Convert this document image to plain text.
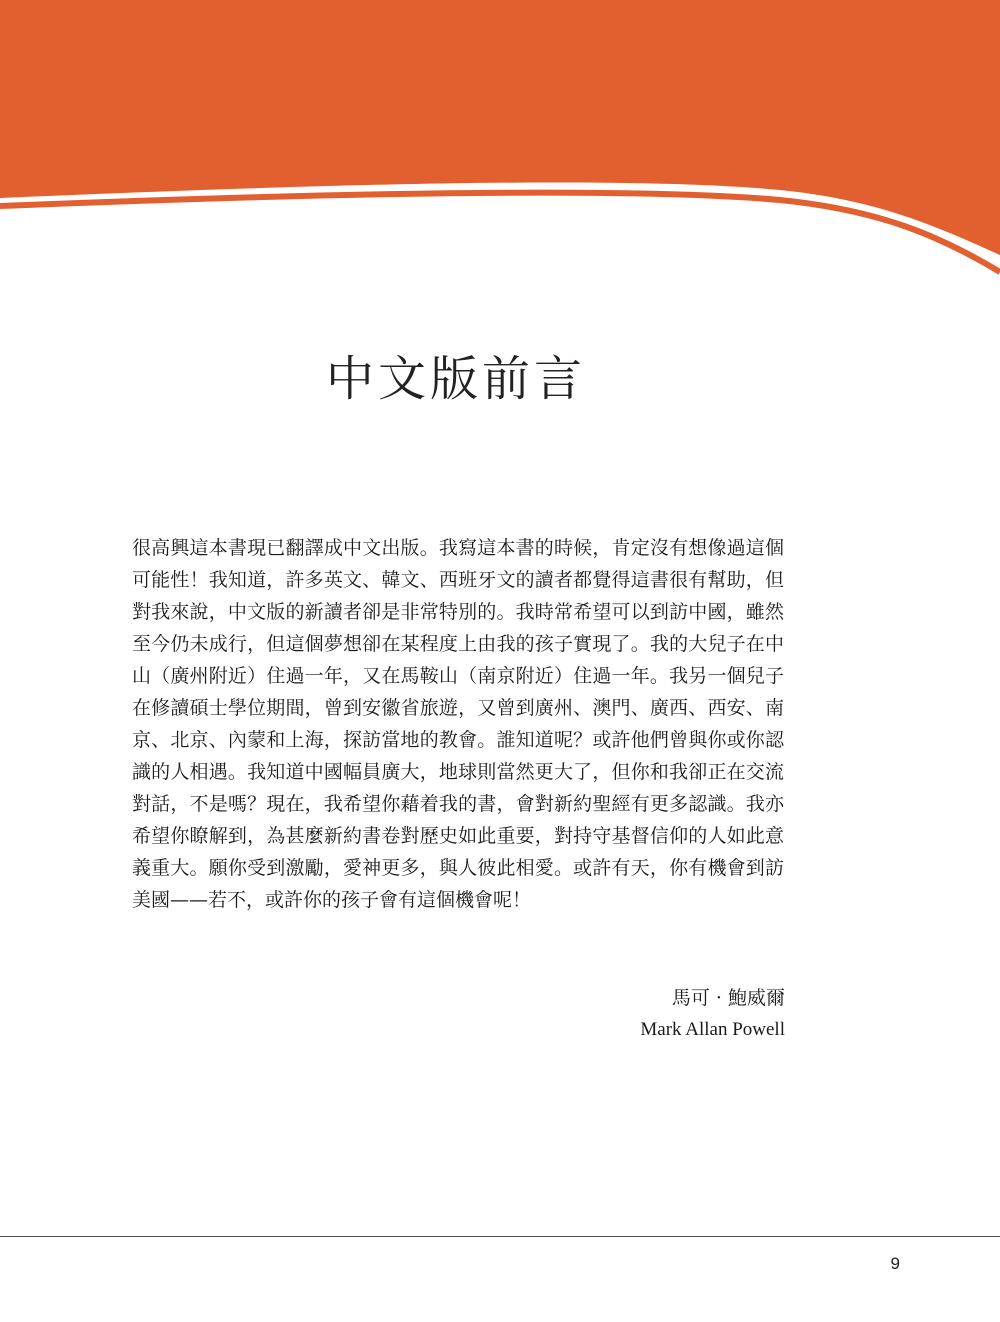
中文版前言

很高興這本書現已翻譯成中文出版。我寫這本書的時候，肯定沒有想像過這個可能性！我知道，許多英文、韓文、西班牙文的讀者都覺得這書很有幫助，但對我來說，中文版的新讀者卻是非常特別的。我時常希望可以到訪中國，雖然至今仍未成行，但這個夢想卻在某程度上由我的孩子實現了。我的大兒子在中山（廣州附近）住過一年，又在馬鞍山（南京附近）住過一年。我另一個兒子在修讀碩士學位期間，曾到安徽省旅遊，又曾到廣州、澳門、廣西、西安、南京、北京、內蒙和上海，探訪當地的教會。誰知道呢？或許他們曾與你或你認識的人相遇。我知道中國幅員廣大，地球則當然更大了，但你和我卻正在交流對話，不是嗎？現在，我希望你藉着我的書，會對新約聖經有更多認識。我亦希望你瞭解到，為甚麼新約書卷對歷史如此重要，對持守基督信仰的人如此意義重大。願你受到激勵，愛神更多，與人彼此相愛。或許有天，你有機會到訪美國——若不，或許你的孩子會有這個機會呢！

馬可 · 鮑威爾
Mark Allan Powell
9
